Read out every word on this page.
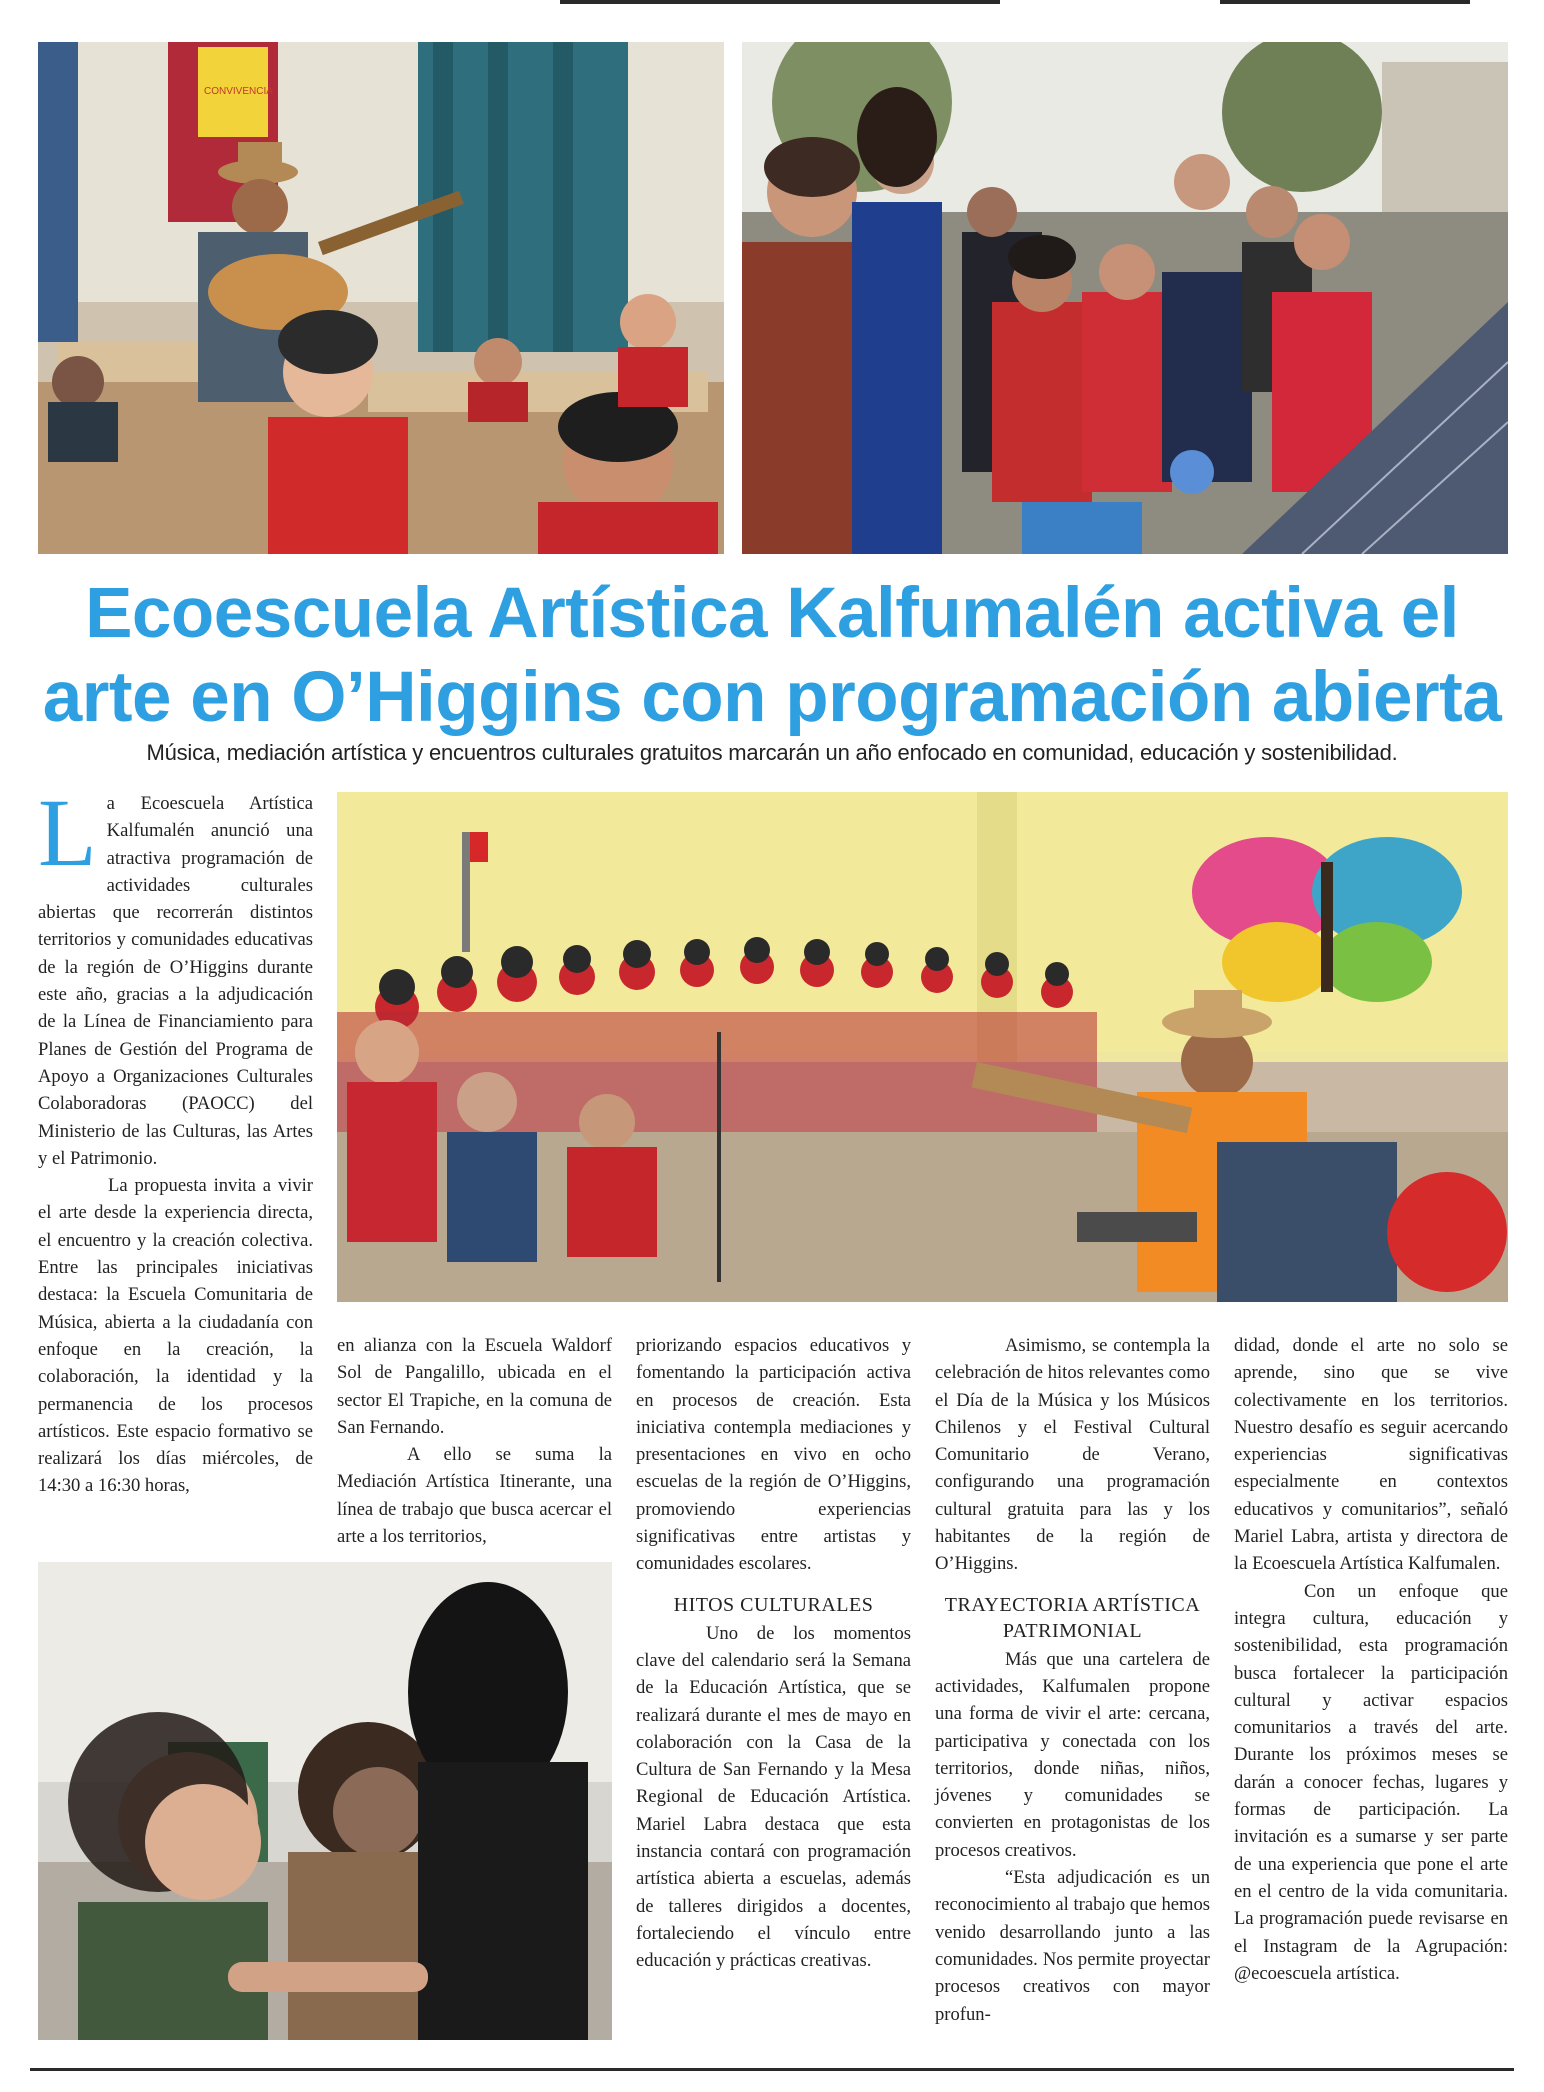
CONVIVENCIA
Ecoescuela Artística Kalfumalén activa el
arte en O’Higgins con programación abierta
Música, mediación artística y encuentros culturales gratuitos marcarán un año enfocado en comunidad, educación y sostenibilidad.
L a Ecoescuela Artística Kalfumalén anunció una atractiva programación de actividades culturales abiertas que recorrerán distintos territorios y comunidades educativas de la región de O’Higgins durante este año, gracias a la adjudicación de la Línea de Financiamiento para Planes de Gestión del Programa de Apoyo a Organizaciones Culturales Colaboradoras (PAOCC) del Ministerio de las Culturas, las Artes y el Patrimonio.

La propuesta invita a vivir el arte desde la experiencia directa, el encuentro y la creación colectiva. Entre las principales iniciativas destaca: la Escuela Comunitaria de Música, abierta a la ciudadanía con enfoque en la creación, la colaboración, la identidad y la permanencia de los procesos artísticos. Este espacio formativo se realizará los días miércoles, de 14:30 a 16:30 horas,

en alianza con la Escuela Waldorf Sol de Pangalillo, ubicada en el sector El Trapiche, en la comuna de San Fernando.

A ello se suma la Mediación Artística Itinerante, una línea de trabajo que busca acercar el arte a los territorios,

priorizando espacios educativos y fomentando la participación activa en procesos de creación. Esta iniciativa contempla mediaciones y presentaciones en vivo en ocho escuelas de la región de O’Higgins, promoviendo experiencias significativas entre artistas y comunidades escolares.

HITOS CULTURALES

Uno de los momentos clave del calendario será la Semana de la Educación Artística, que se realizará durante el mes de mayo en colaboración con la Casa de la Cultura de San Fernando y la Mesa Regional de Educación Artística. Mariel Labra destaca que esta instancia contará con programación artística abierta a escuelas, además de talleres dirigidos a docentes, fortaleciendo el vínculo entre educación y prácticas creativas.

Asimismo, se contempla la celebración de hitos relevantes como el Día de la Música y los Músicos Chilenos y el Festival Cultural Comunitario de Verano, configurando una programación cultural gratuita para las y los habitantes de la región de O’Higgins.

TRAYECTORIA ARTÍSTICA PATRIMONIAL

Más que una cartelera de actividades, Kalfumalen propone una forma de vivir el arte: cercana, participativa y conectada con los territorios, donde niñas, niños, jóvenes y comunidades se convierten en protagonistas de los procesos creativos.

“Esta adjudicación es un reconocimiento al trabajo que hemos venido desarrollando junto a las comunidades. Nos permite proyectar procesos creativos con mayor profun-

didad, donde el arte no solo se aprende, sino que se vive colectivamente en los territorios. Nuestro desafío es seguir acercando experiencias significativas especialmente en contextos educativos y comunitarios”, señaló Mariel Labra, artista y directora de la Ecoescuela Artística Kalfumalen.

Con un enfoque que integra cultura, educación y sostenibilidad, esta programación busca fortalecer la participación cultural y activar espacios comunitarios a través del arte. Durante los próximos meses se darán a conocer fechas, lugares y formas de participación. La invitación es a sumarse y ser parte de una experiencia que pone el arte en el centro de la vida comunitaria. La programación puede revisarse en el Instagram de la Agrupación: @ecoescuela artística.
